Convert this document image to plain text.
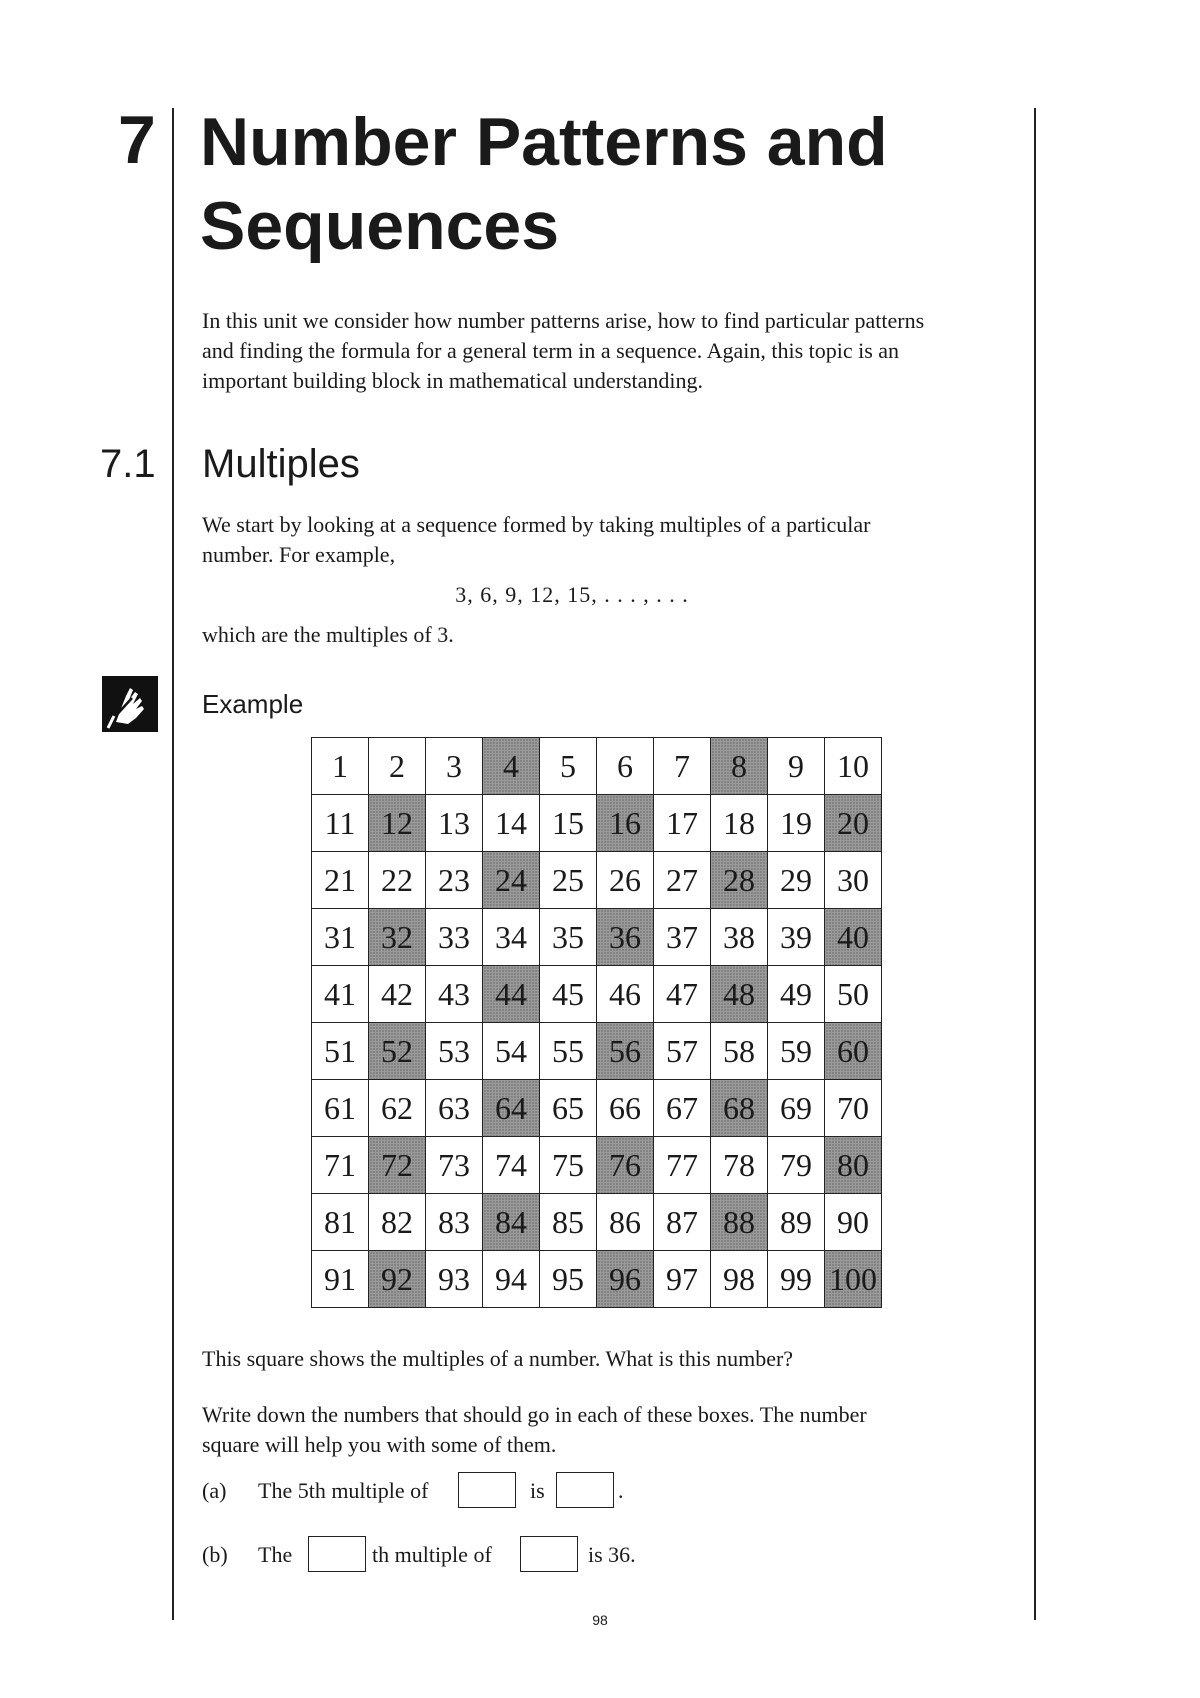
7 Number Patterns and
Sequences
In this unit we consider how number patterns arise, how to find particular patterns
and finding the formula for a general term in a sequence. Again, this topic is an
important building block in mathematical understanding.
7.1 Multiples
We start by looking at a sequence formed by taking multiples of a particular
number. For example,
3, 6, 9, 12, 15, . . . , . . .
which are the multiples of 3.
Example
1	2	3	4	5	6	7	8	9	10
11	12	13	14	15	16	17	18	19	20
21	22	23	24	25	26	27	28	29	30
31	32	33	34	35	36	37	38	39	40
41	42	43	44	45	46	47	48	49	50
51	52	53	54	55	56	57	58	59	60
61	62	63	64	65	66	67	68	69	70
71	72	73	74	75	76	77	78	79	80
81	82	83	84	85	86	87	88	89	90
91	92	93	94	95	96	97	98	99	100
This square shows the multiples of a number. What is this number?
Write down the numbers that should go in each of these boxes. The number
square will help you with some of them.
(a) The 5th multiple of	is	.
(b) The	th multiple of	is 36.
98
